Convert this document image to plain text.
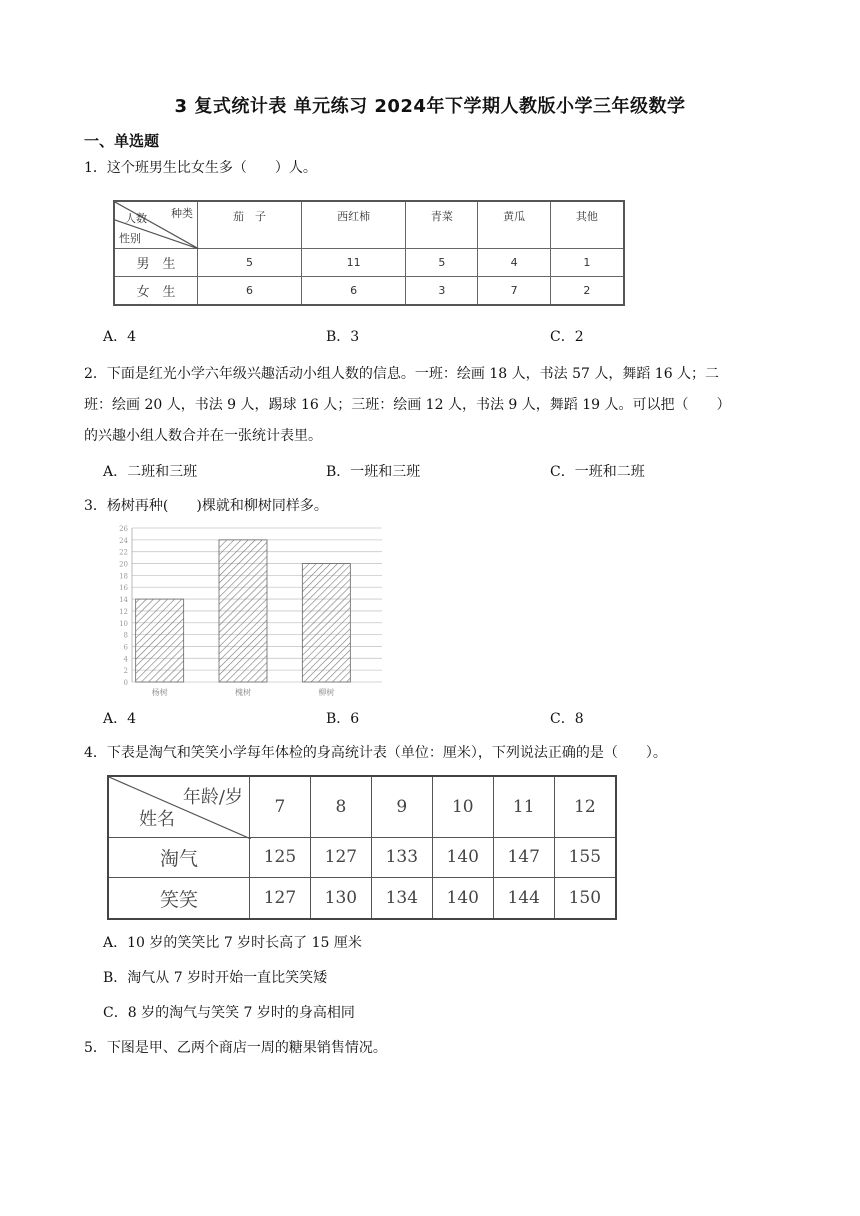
3 复式统计表 单元练习 2024年下学期人教版小学三年级数学
一、单选题
1．这个班男生比女生多（　　）人。
种类
人数
性别	茄　子	西红柿	青菜	黄瓜	其他
男　生	5	11	5	4	1
女　生	6	6	3	7	2
A．4	B．3	C．2
2．下面是红光小学六年级兴趣活动小组人数的信息。一班：绘画 18 人，书法 57 人，舞蹈 16 人；二
班：绘画 20 人，书法 9 人，踢球 16 人；三班：绘画 12 人，书法 9 人，舞蹈 19 人。可以把（　　）
的兴趣小组人数合并在一张统计表里。
A．二班和三班	B．一班和三班	C．一班和二班
3．杨树再种(　　)棵就和柳树同样多。
0
2
4
6
8
10
12
14
16
18
20
22
24
26
杨树	槐树	柳树
A．4	B．6	C．8
4．下表是淘气和笑笑小学每年体检的身高统计表（单位：厘米），下列说法正确的是（　　）。
年龄/岁
姓名	7	8	9	10	11	12
淘气	125	127	133	140	147	155
笑笑	127	130	134	140	144	150
A．10 岁的笑笑比 7 岁时长高了 15 厘米
B．淘气从 7 岁时开始一直比笑笑矮
C．8 岁的淘气与笑笑 7 岁时的身高相同
5．下图是甲、乙两个商店一周的糖果销售情况。
